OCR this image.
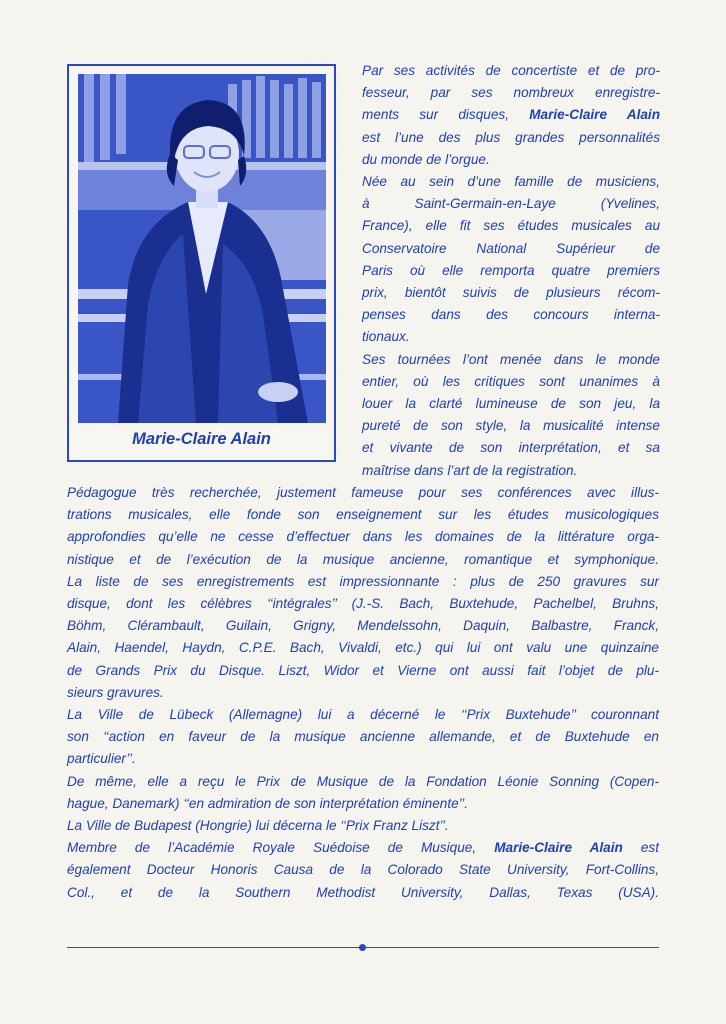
Marie-Claire Alain
Par ses activités de concertiste et de pro-
fesseur, par ses nombreux enregistre-
ments sur disques, Marie-Claire Alain
est l’une des plus grandes personnalités
du monde de l’orgue.
Née au sein d’une famille de musiciens,
à Saint-Germain-en-Laye (Yvelines,
France), elle fit ses études musicales au
Conservatoire National Supérieur de
Paris où elle remporta quatre premiers
prix, bientôt suivis de plusieurs récom-
penses dans des concours interna-
tionaux.
Ses tournées l’ont menée dans le monde
entier, où les critiques sont unanimes à
louer la clarté lumineuse de son jeu, la
pureté de son style, la musicalité intense
et vivante de son interprétation, et sa
maîtrise dans l’art de la registration.
Pédagogue très recherchée, justement fameuse pour ses conférences avec illus-
trations musicales, elle fonde son enseignement sur les études musicologiques
approfondies qu’elle ne cesse d’effectuer dans les domaines de la littérature orga-
nistique et de l’exécution de la musique ancienne, romantique et symphonique.
La liste de ses enregistrements est impressionnante : plus de 250 gravures sur
disque, dont les célèbres ‘‘intégrales’’ (J.-S. Bach, Buxtehude, Pachelbel, Bruhns,
Böhm, Clérambault, Guilain, Grigny, Mendelssohn, Daquin, Balbastre, Franck,
Alain, Haendel, Haydn, C.P.E. Bach, Vivaldi, etc.) qui lui ont valu une quinzaine
de Grands Prix du Disque. Liszt, Widor et Vierne ont aussi fait l’objet de plu-
sieurs gravures.
La Ville de Lübeck (Allemagne) lui a décerné le ‘‘Prix Buxtehude’’ couronnant
son ‘‘action en faveur de la musique ancienne allemande, et de Buxtehude en
particulier’’.
De même, elle a reçu le Prix de Musique de la Fondation Léonie Sonning (Copen-
hague, Danemark) ‘‘en admiration de son interprétation éminente’’.
La Ville de Budapest (Hongrie) lui décerna le ‘‘Prix Franz Liszt’’.
Membre de l’Académie Royale Suédoise de Musique, Marie-Claire Alain est
également Docteur Honoris Causa de la Colorado State University, Fort-Collins,
Col., et de la Southern Methodist University, Dallas, Texas (USA).
